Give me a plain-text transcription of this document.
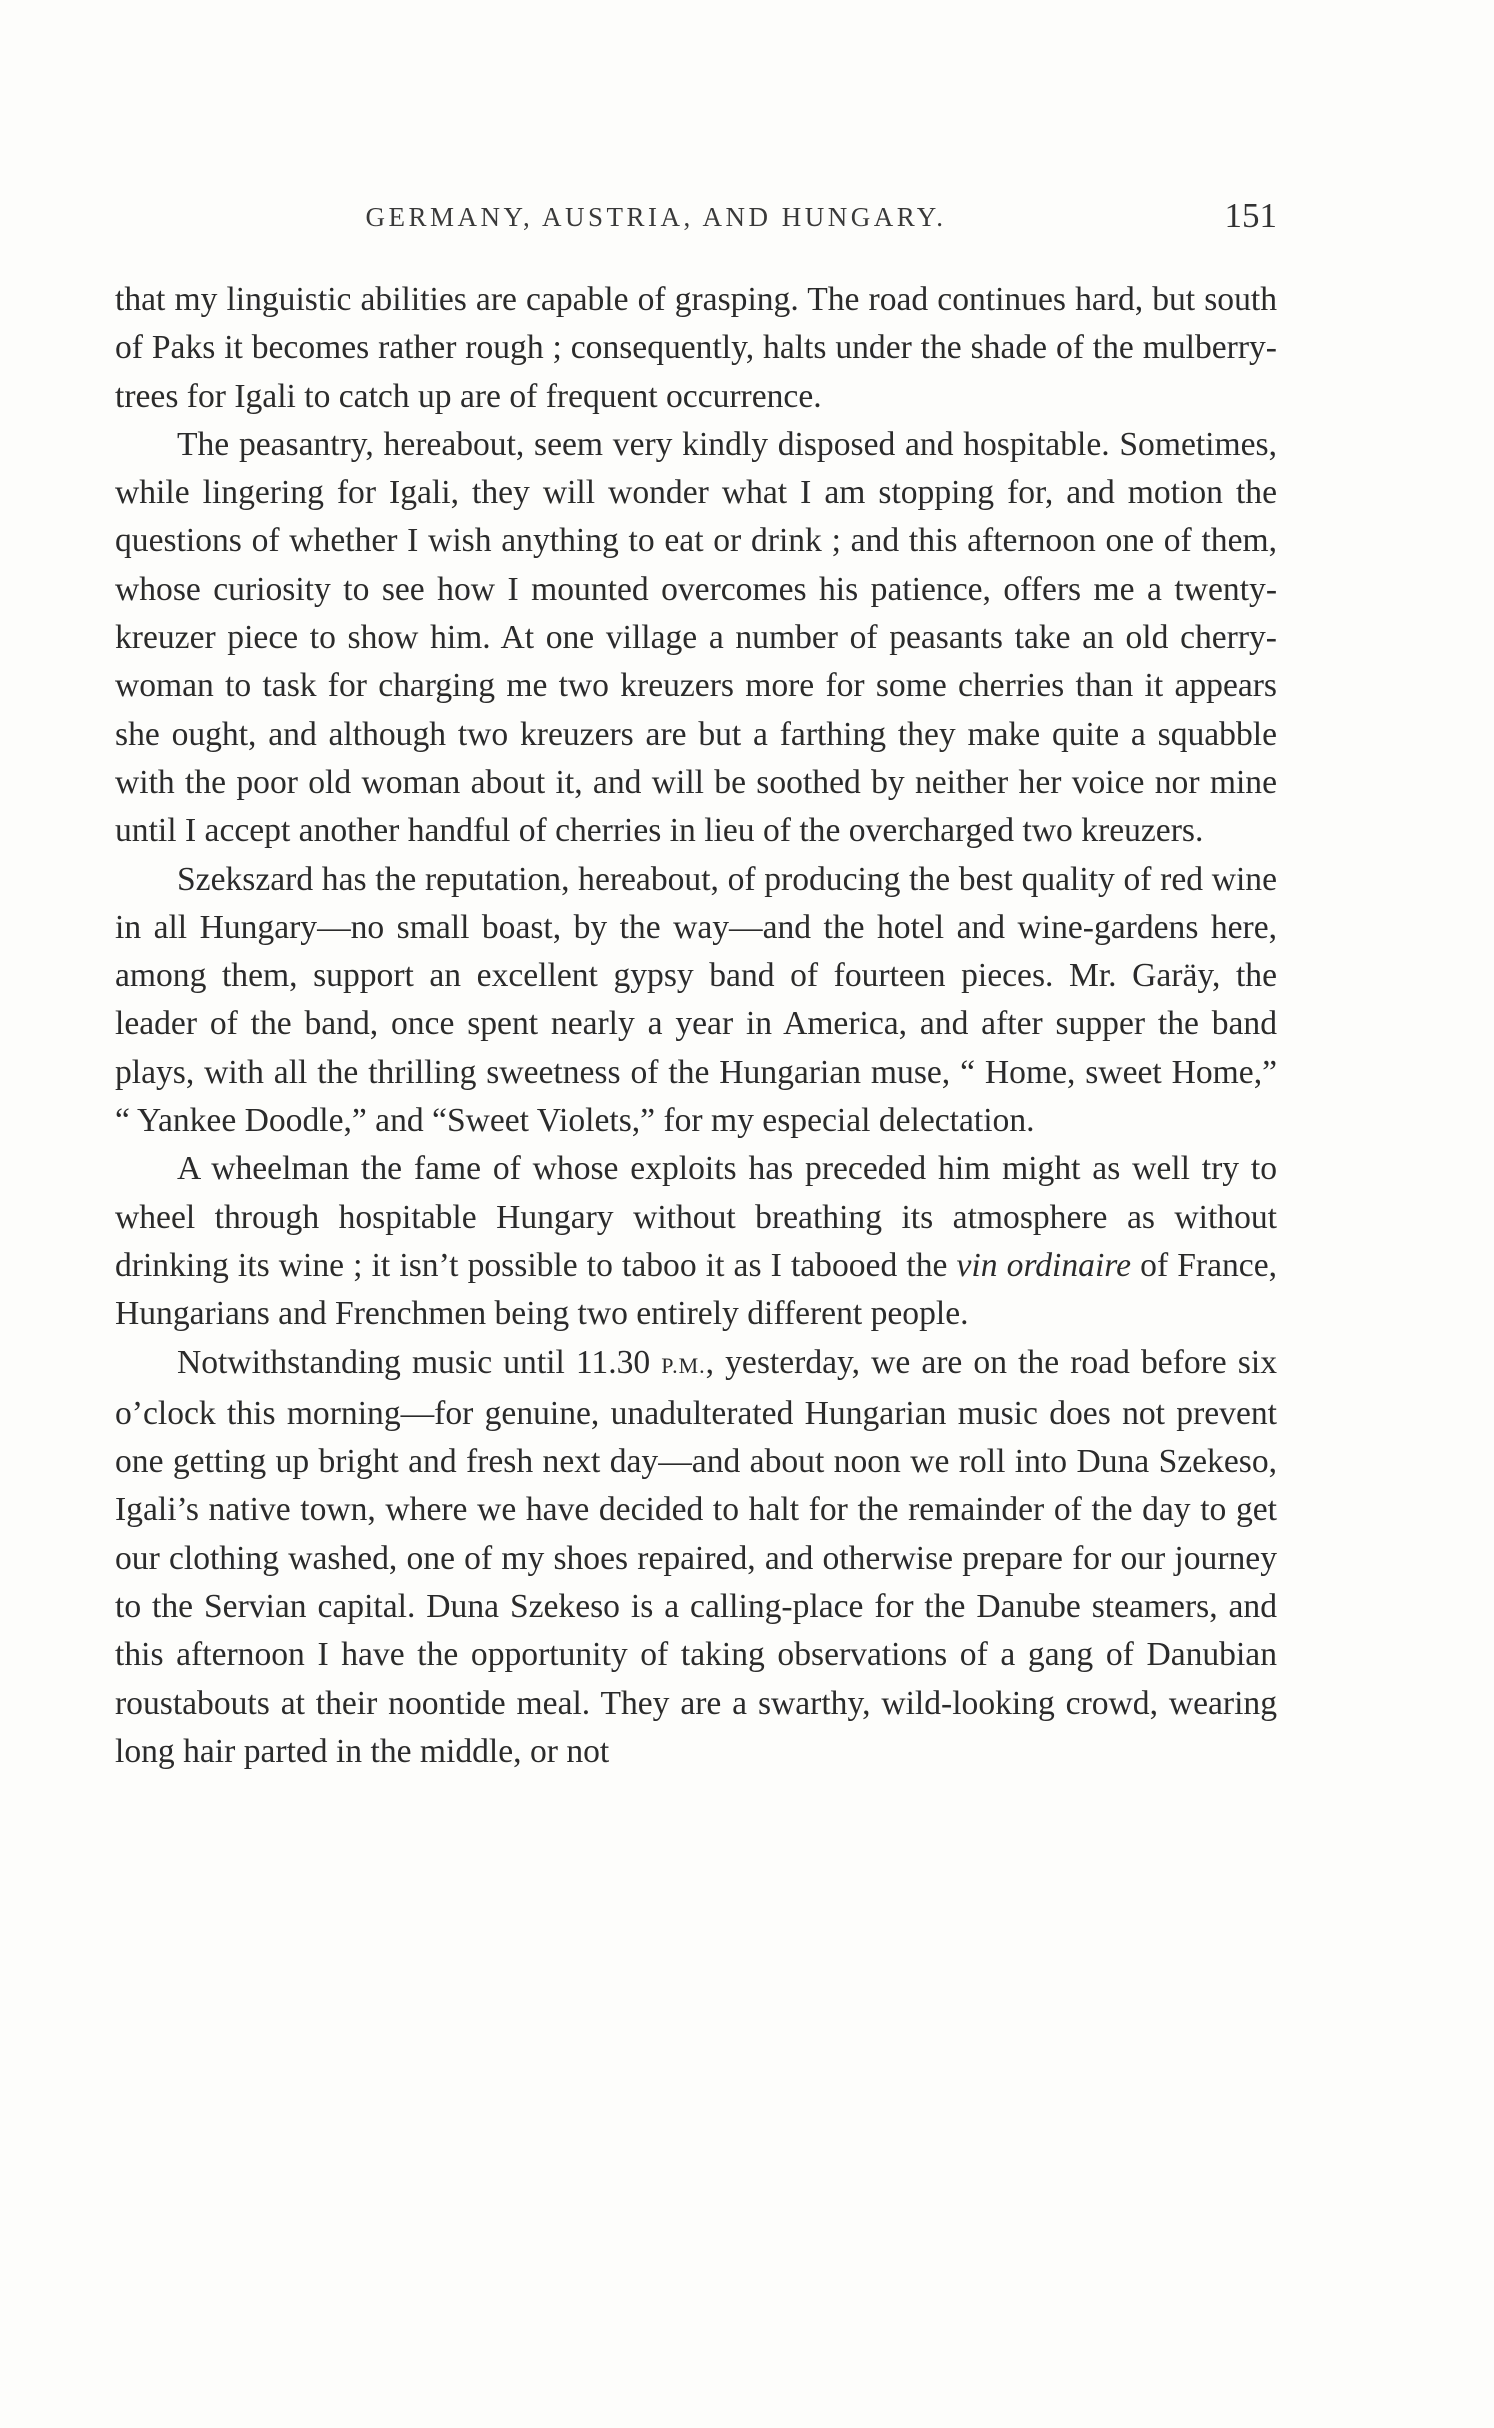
GERMANY, AUSTRIA, AND HUNGARY.	151

that my linguistic abilities are capable of grasping. The road continues hard, but south of Paks it becomes rather rough ; consequently, halts under the shade of the mulberry-trees for Igali to catch up are of frequent occurrence.

The peasantry, hereabout, seem very kindly disposed and hospitable. Sometimes, while lingering for Igali, they will wonder what I am stopping for, and motion the questions of whether I wish anything to eat or drink ; and this afternoon one of them, whose curiosity to see how I mounted overcomes his patience, offers me a twenty-kreuzer piece to show him. At one village a number of peasants take an old cherry-woman to task for charging me two kreuzers more for some cherries than it appears she ought, and although two kreuzers are but a farthing they make quite a squabble with the poor old woman about it, and will be soothed by neither her voice nor mine until I accept another handful of cherries in lieu of the overcharged two kreuzers.

Szekszard has the reputation, hereabout, of producing the best quality of red wine in all Hungary—no small boast, by the way—and the hotel and wine-gardens here, among them, support an excellent gypsy band of fourteen pieces. Mr. Garäy, the leader of the band, once spent nearly a year in America, and after supper the band plays, with all the thrilling sweetness of the Hungarian muse, “ Home, sweet Home,” “ Yankee Doodle,” and “Sweet Violets,” for my especial delectation.

A wheelman the fame of whose exploits has preceded him might as well try to wheel through hospitable Hungary without breathing its atmosphere as without drinking its wine ; it isn’t possible to taboo it as I tabooed the vin ordinaire of France, Hungarians and Frenchmen being two entirely different people.

Notwithstanding music until 11.30 P.M., yesterday, we are on the road before six o’clock this morning—for genuine, unadulterated Hungarian music does not prevent one getting up bright and fresh next day—and about noon we roll into Duna Szekeso, Igali’s native town, where we have decided to halt for the remainder of the day to get our clothing washed, one of my shoes repaired, and otherwise prepare for our journey to the Servian capital. Duna Szekeso is a calling-place for the Danube steamers, and this afternoon I have the opportunity of taking observations of a gang of Danubian roustabouts at their noontide meal. They are a swarthy, wild-looking crowd, wearing long hair parted in the middle, or not
